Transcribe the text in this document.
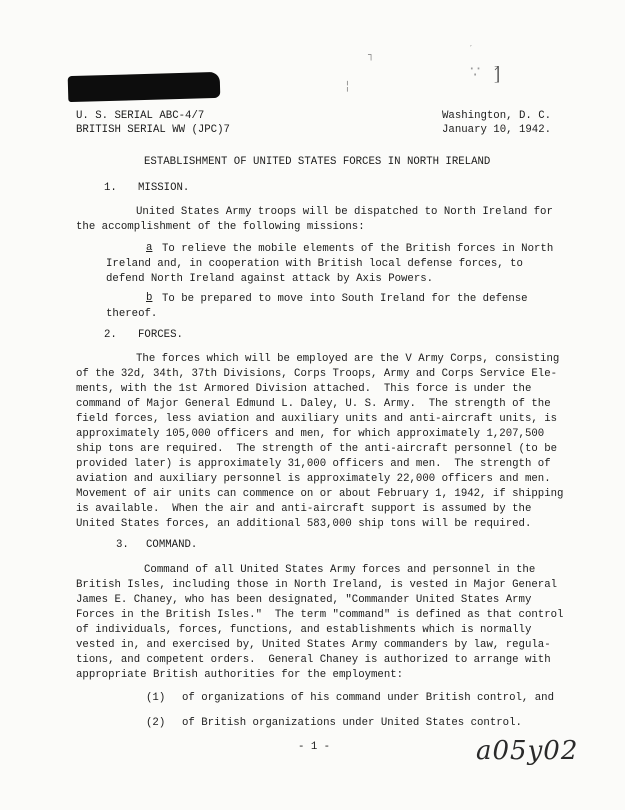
┐
╎
′
∵ ⦐
U. S. SERIAL ABC-4/7
BRITISH SERIAL WW (JPC)7
Washington, D. C.
January 10, 1942.
ESTABLISHMENT OF UNITED STATES FORCES IN NORTH IRELAND
1. MISSION.
United States Army troops will be dispatched to North Ireland for
the accomplishment of the following missions:
a To relieve the mobile elements of the British forces in North
Ireland and, in cooperation with British local defense forces, to
defend North Ireland against attack by Axis Powers.
b To be prepared to move into South Ireland for the defense
thereof.
2. FORCES.
The forces which will be employed are the V Army Corps, consisting
of the 32d, 34th, 37th Divisions, Corps Troops, Army and Corps Service Ele-
ments, with the 1st Armored Division attached.  This force is under the
command of Major General Edmund L. Daley, U. S. Army.  The strength of the
field forces, less aviation and auxiliary units and anti-aircraft units, is
approximately 105,000 officers and men, for which approximately 1,207,500
ship tons are required.  The strength of the anti-aircraft personnel (to be
provided later) is approximately 31,000 officers and men.  The strength of
aviation and auxiliary personnel is approximately 22,000 officers and men.
Movement of air units can commence on or about February 1, 1942, if shipping
is available.  When the air and anti-aircraft support is assumed by the
United States forces, an additional 583,000 ship tons will be required.
3. COMMAND.
Command of all United States Army forces and personnel in the
British Isles, including those in North Ireland, is vested in Major General
James E. Chaney, who has been designated, "Commander United States Army
Forces in the British Isles."  The term "command" is defined as that control
of individuals, forces, functions, and establishments which is normally
vested in, and exercised by, United States Army commanders by law, regula-
tions, and competent orders.  General Chaney is authorized to arrange with
appropriate British authorities for the employment:
(1) of organizations of his command under British control, and
(2) of British organizations under United States control.
- 1 -	a05y02
